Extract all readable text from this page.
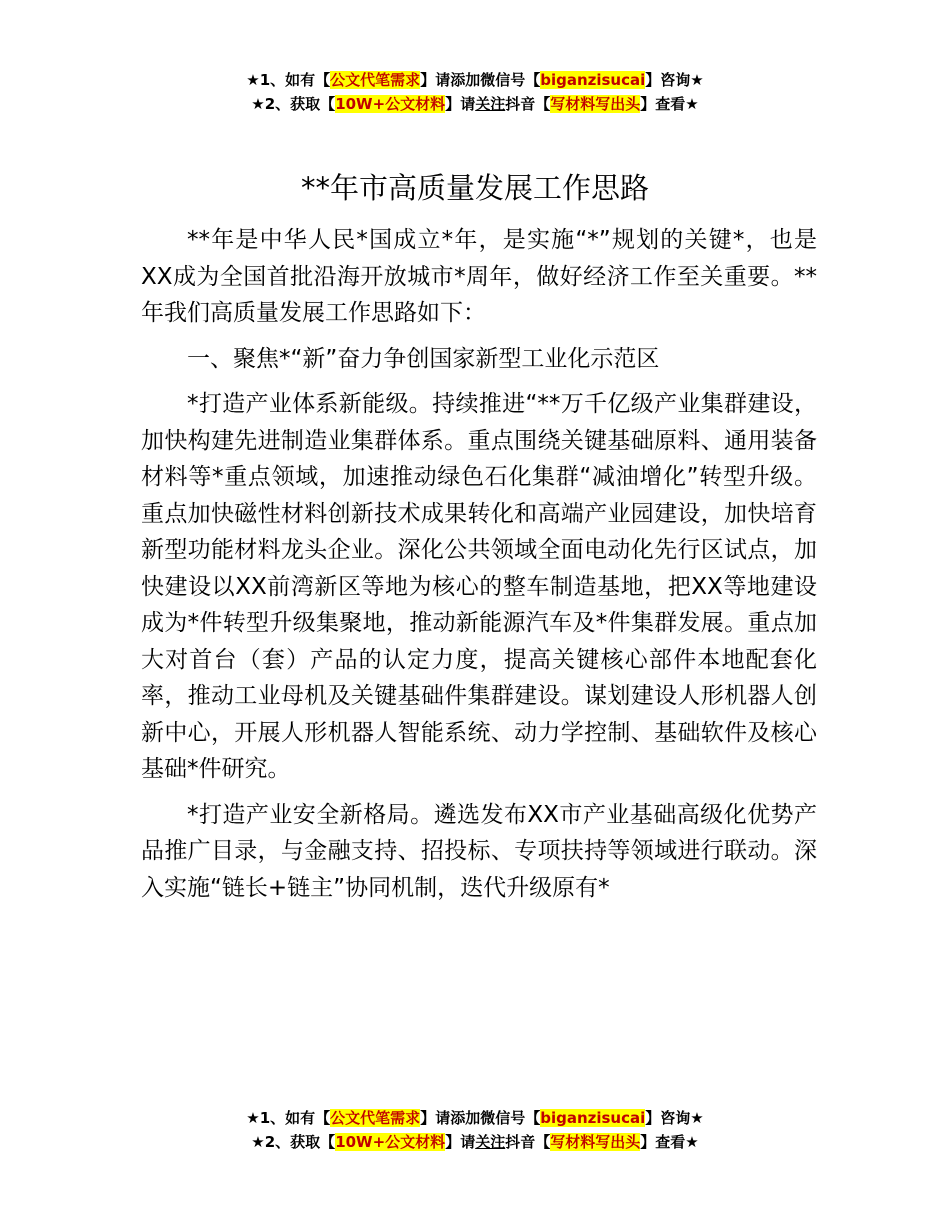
★1、如有【公文代笔需求】请添加微信号【biganzisucai】咨询★
★2、获取【10W+公文材料】请关注抖音【写材料写出头】查看★
**年市高质量发展工作思路

**年是中华人民*国成立*年，是实施“*”规划的关键*，也是XX成为全国首批沿海开放城市*周年，做好经济工作至关重要。**年我们高质量发展工作思路如下：

一、聚焦*“新”奋力争创国家新型工业化示范区

*打造产业体系新能级。持续推进“**万千亿级产业集群建设，加快构建先进制造业集群体系。重点围绕关键基础原料、通用装备材料等*重点领域，加速推动绿色石化集群“减油增化”转型升级。重点加快磁性材料创新技术成果转化和高端产业园建设，加快培育新型功能材料龙头企业。深化公共领域全面电动化先行区试点，加快建设以XX前湾新区等地为核心的整车制造基地，把XX等地建设成为*件转型升级集聚地，推动新能源汽车及*件集群发展。重点加大对首台（套）产品的认定力度，提高关键核心部件本地配套化率，推动工业母机及关键基础件集群建设。谋划建设人形机器人创新中心，开展人形机器人智能系统、动力学控制、基础软件及核心基础*件研究。

*打造产业安全新格局。遴选发布XX市产业基础高级化优势产品推广目录，与金融支持、招投标、专项扶持等领域进行联动。深入实施“链长+链主”协同机制，迭代升级原有*

★1、如有【公文代笔需求】请添加微信号【biganzisucai】咨询★
★2、获取【10W+公文材料】请关注抖音【写材料写出头】查看★
